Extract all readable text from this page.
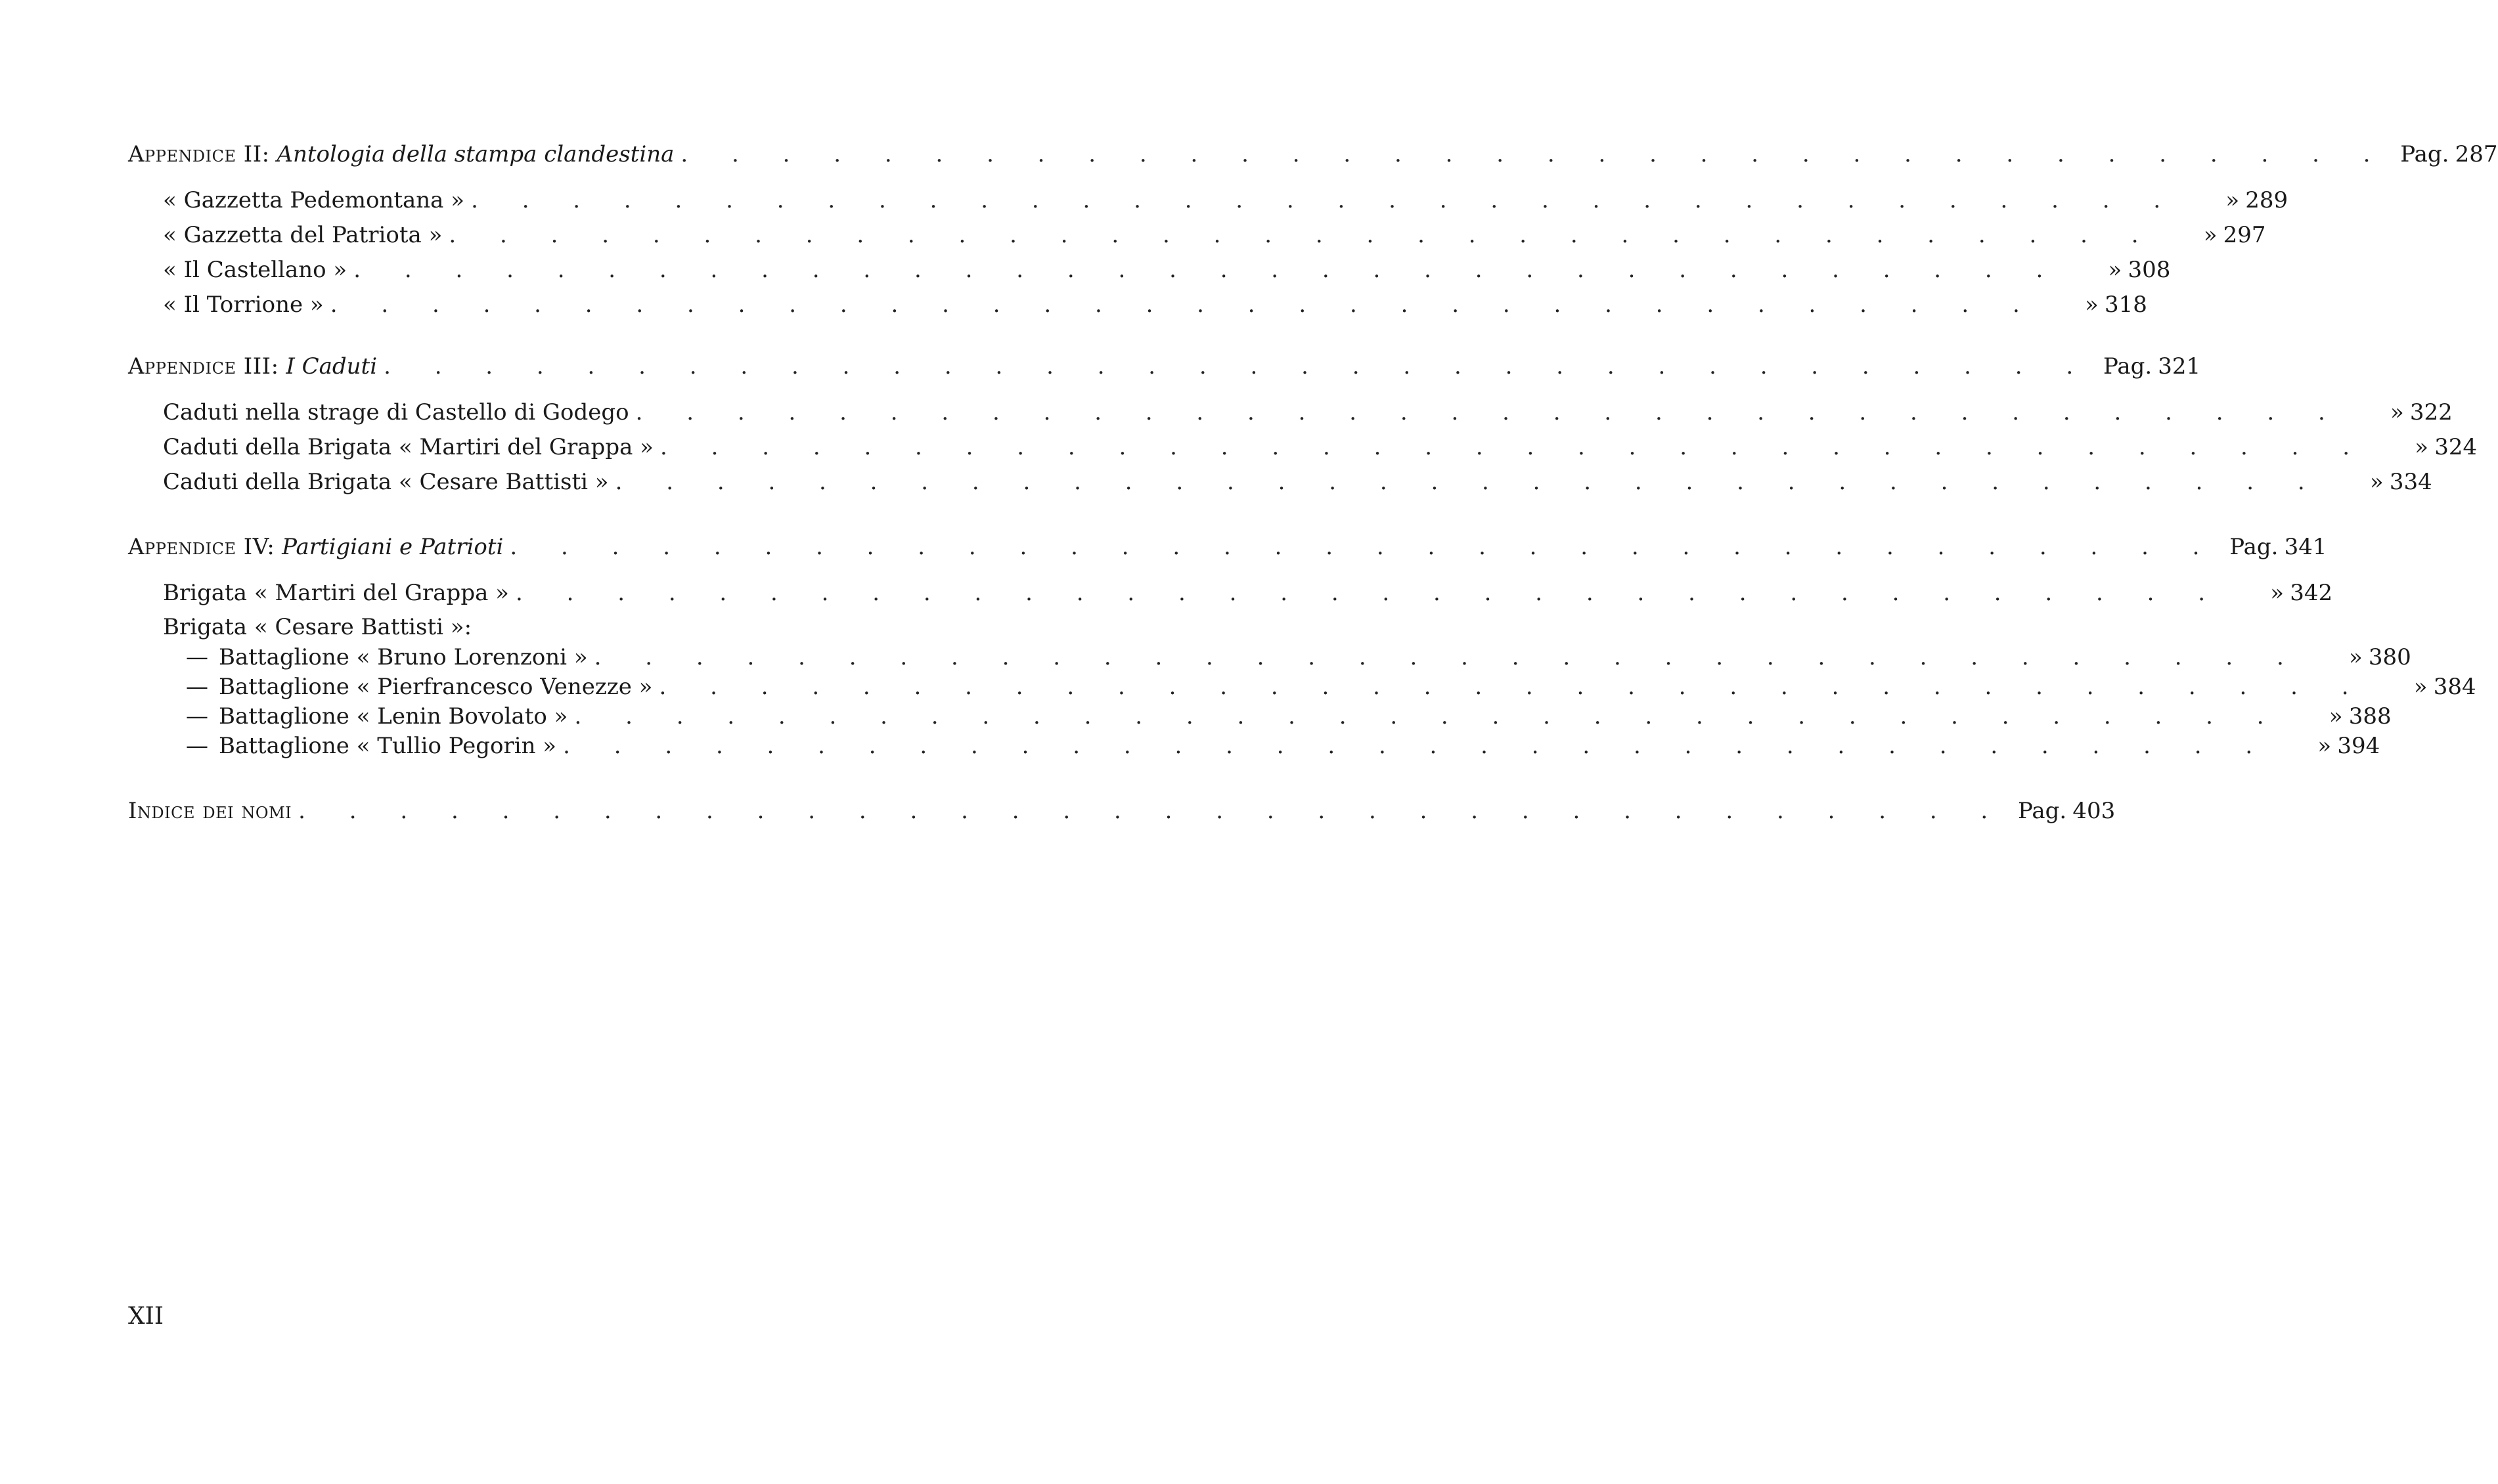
Appendice II: Antologia della stampa clandestina . . . . . . . . . . . . . . . . . . . . . . . . . . . . . . . . . . Pag. 287
« Gazzetta Pedemontana » . . . . . . . . . . . . . . . . . . . . . . . . . . . . . . . . . .	» 289
« Gazzetta del Patriota » . . . . . . . . . . . . . . . . . . . . . . . . . . . . . . . . . .	» 297
« Il Castellano » . . . . . . . . . . . . . . . . . . . . . . . . . . . . . . . . . .	» 308
« Il Torrione » . . . . . . . . . . . . . . . . . . . . . . . . . . . . . . . . . .	» 318
Appendice III: I Caduti . . . . . . . . . . . . . . . . . . . . . . . . . . . . . . . . . . Pag. 321
Caduti nella strage di Castello di Godego . . . . . . . . . . . . . . . . . . . . . . . . . . . . . . . . . .	» 322
Caduti della Brigata « Martiri del Grappa » . . . . . . . . . . . . . . . . . . . . . . . . . . . . . . . . . .	» 324
Caduti della Brigata « Cesare Battisti » . . . . . . . . . . . . . . . . . . . . . . . . . . . . . . . . . .	» 334
Appendice IV: Partigiani e Patrioti . . . . . . . . . . . . . . . . . . . . . . . . . . . . . . . . . . Pag. 341
Brigata « Martiri del Grappa » . . . . . . . . . . . . . . . . . . . . . . . . . . . . . . . . . .	» 342
Brigata « Cesare Battisti »:
— Battaglione « Bruno Lorenzoni » . . . . . . . . . . . . . . . . . . . . . . . . . . . . . . . . . .	» 380
— Battaglione « Pierfrancesco Venezze » . . . . . . . . . . . . . . . . . . . . . . . . . . . . . . . . . .	» 384
— Battaglione « Lenin Bovolato » . . . . . . . . . . . . . . . . . . . . . . . . . . . . . . . . . .	» 388
— Battaglione « Tullio Pegorin » . . . . . . . . . . . . . . . . . . . . . . . . . . . . . . . . . .	» 394
Indice dei nomi . . . . . . . . . . . . . . . . . . . . . . . . . . . . . . . . . . Pag. 403
XII
